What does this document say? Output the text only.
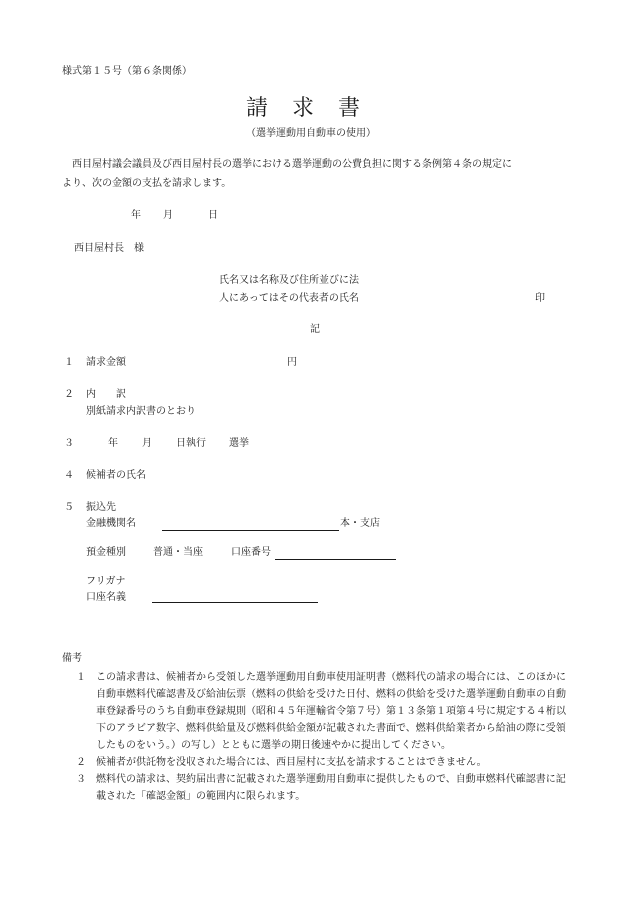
様式第１５号（第６条関係）
請求書
（選挙運動用自動車の使用）
西目屋村議会議員及び西目屋村長の選挙における選挙運動の公費負担に関する条例第４条の規定に
より、次の金額の支払を請求します。
年 月	日
西目屋村長　様
氏名又は名称及び住所並びに法
人にあってはその代表者の氏名	印
記
１ 請求金額	円
２ 内　　訳
別紙請求内訳書のとおり
３	年 月 日執行 選挙
４ 候補者の氏名
５ 振込先
金融機関名	本・支店
預金種別	普通・当座	口座番号
フリガナ
口座名義
備考
１	この請求書は、候補者から受領した選挙運動用自動車使用証明書（燃料代の請求の場合には、このほかに自動車燃料代確認書及び給油伝票（燃料の供給を受けた日付、燃料の供給を受けた選挙運動自動車の自動車登録番号のうち自動車登録規則（昭和４５年運輸省令第７号）第１３条第１項第４号に規定する４桁以下のアラビア数字、燃料供給量及び燃料供給金額が記載された書面で、燃料供給業者から給油の際に受領したものをいう。）の写し）とともに選挙の期日後速やかに提出してください。
２	候補者が供託物を没収された場合には、西目屋村に支払を請求することはできません。
３	燃料代の請求は、契約届出書に記載された選挙運動用自動車に提供したもので、自動車燃料代確認書に記載された「確認金額」の範囲内に限られます。
